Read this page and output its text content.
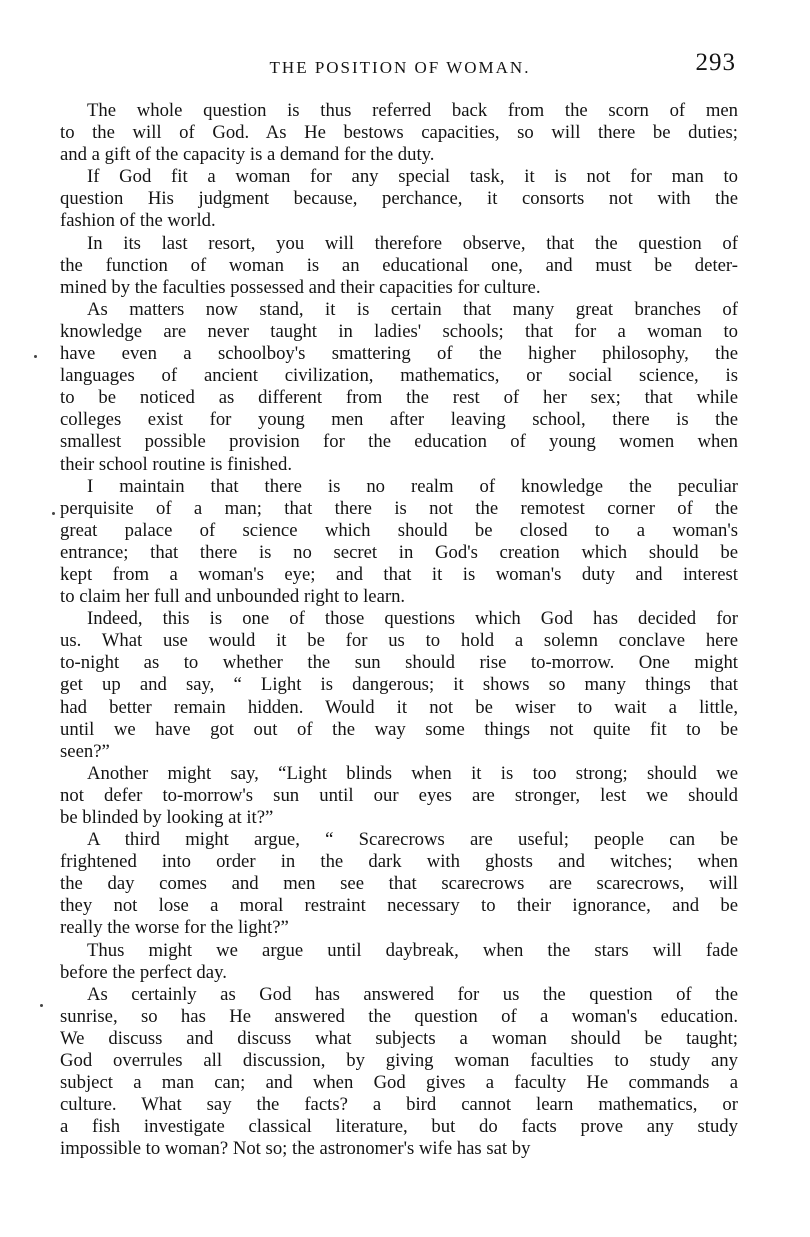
THE POSITION OF WOMAN.	293
The whole question is thus referred back from the scorn of men
to the will of God. As He bestows capacities, so will there be duties;
and a gift of the capacity is a demand for the duty.
If God fit a woman for any special task, it is not for man to
question His judgment because, perchance, it consorts not with the
fashion of the world.
In its last resort, you will therefore observe, that the question of
the function of woman is an educational one, and must be deter-
mined by the faculties possessed and their capacities for culture.
As matters now stand, it is certain that many great branches of
knowledge are never taught in ladies' schools; that for a woman to
have even a schoolboy's smattering of the higher philosophy, the
languages of ancient civilization, mathematics, or social science, is
to be noticed as different from the rest of her sex; that while
colleges exist for young men after leaving school, there is the
smallest possible provision for the education of young women when
their school routine is finished.
I maintain that there is no realm of knowledge the peculiar
perquisite of a man; that there is not the remotest corner of the
great palace of science which should be closed to a woman's
entrance; that there is no secret in God's creation which should be
kept from a woman's eye; and that it is woman's duty and interest
to claim her full and unbounded right to learn.
Indeed, this is one of those questions which God has decided for
us. What use would it be for us to hold a solemn conclave here
to-night as to whether the sun should rise to-morrow. One might
get up and say, “ Light is dangerous; it shows so many things that
had better remain hidden. Would it not be wiser to wait a little,
until we have got out of the way some things not quite fit to be
seen?”
Another might say, “Light blinds when it is too strong; should we
not defer to-morrow's sun until our eyes are stronger, lest we should
be blinded by looking at it?”
A third might argue, “ Scarecrows are useful; people can be
frightened into order in the dark with ghosts and witches; when
the day comes and men see that scarecrows are scarecrows, will
they not lose a moral restraint necessary to their ignorance, and be
really the worse for the light?”
Thus might we argue until daybreak, when the stars will fade
before the perfect day.
As certainly as God has answered for us the question of the
sunrise, so has He answered the question of a woman's education.
We discuss and discuss what subjects a woman should be taught;
God overrules all discussion, by giving woman faculties to study any
subject a man can; and when God gives a faculty He commands a
culture. What say the facts? a bird cannot learn mathematics, or
a fish investigate classical literature, but do facts prove any study
impossible to woman? Not so; the astronomer's wife has sat by
